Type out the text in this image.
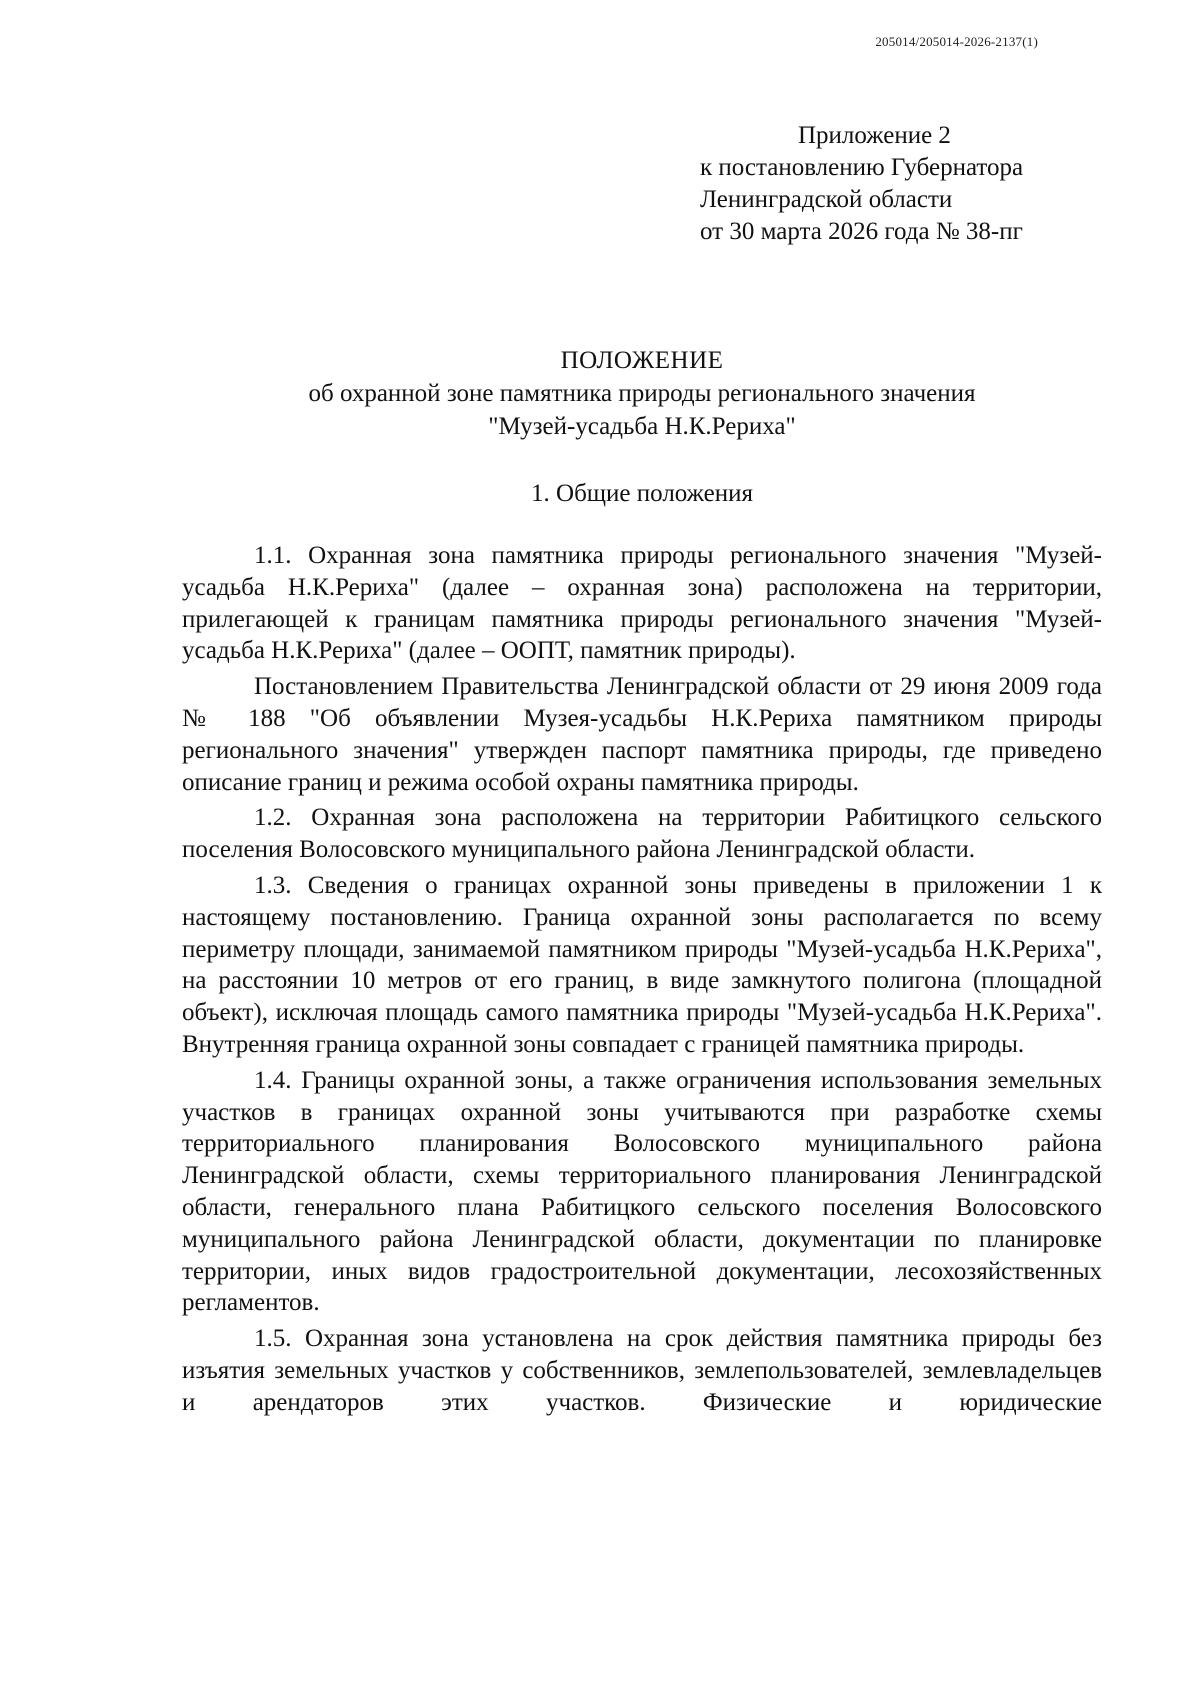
205014/205014-2026-2137(1)
Приложение 2
к постановлению Губернатора
Ленинградской области
от 30 марта 2026 года № 38-пг
ПОЛОЖЕНИЕ
об охранной зоне памятника природы регионального значения
"Музей-усадьба Н.К.Рериха"
1. Общие положения

1.1. Охранная зона памятника природы регионального значения "Музей-усадьба Н.К.Рериха" (далее – охранная зона) расположена на территории, прилегающей к границам памятника природы регионального значения "Музей-усадьба Н.К.Рериха" (далее – ООПТ, памятник природы).

Постановлением Правительства Ленинградской области от 29 июня 2009 года № 188 "Об объявлении Музея-усадьбы Н.К.Рериха памятником природы регионального значения" утвержден паспорт памятника природы, где приведено описание границ и режима особой охраны памятника природы.

1.2. Охранная зона расположена на территории Рабитицкого сельского поселения Волосовского муниципального района Ленинградской области.

1.3. Сведения о границах охранной зоны приведены в приложении 1 к настоящему постановлению. Граница охранной зоны располагается по всему периметру площади, занимаемой памятником природы "Музей-усадьба Н.К.Рериха", на расстоянии 10 метров от его границ, в виде замкнутого полигона (площадной объект), исключая площадь самого памятника природы "Музей-усадьба Н.К.Рериха". Внутренняя граница охранной зоны совпадает с границей памятника природы.

1.4. Границы охранной зоны, а также ограничения использования земельных участков в границах охранной зоны учитываются при разработке схемы территориального планирования Волосовского муниципального района Ленинградской области, схемы территориального планирования Ленинградской области, генерального плана Рабитицкого сельского поселения Волосовского муниципального района Ленинградской области, документации по планировке территории, иных видов градостроительной документации, лесохозяйственных регламентов.

1.5. Охранная зона установлена на срок действия памятника природы без изъятия земельных участков у собственников, землепользователей, землевладельцев и арендаторов этих участков. Физические и юридические
